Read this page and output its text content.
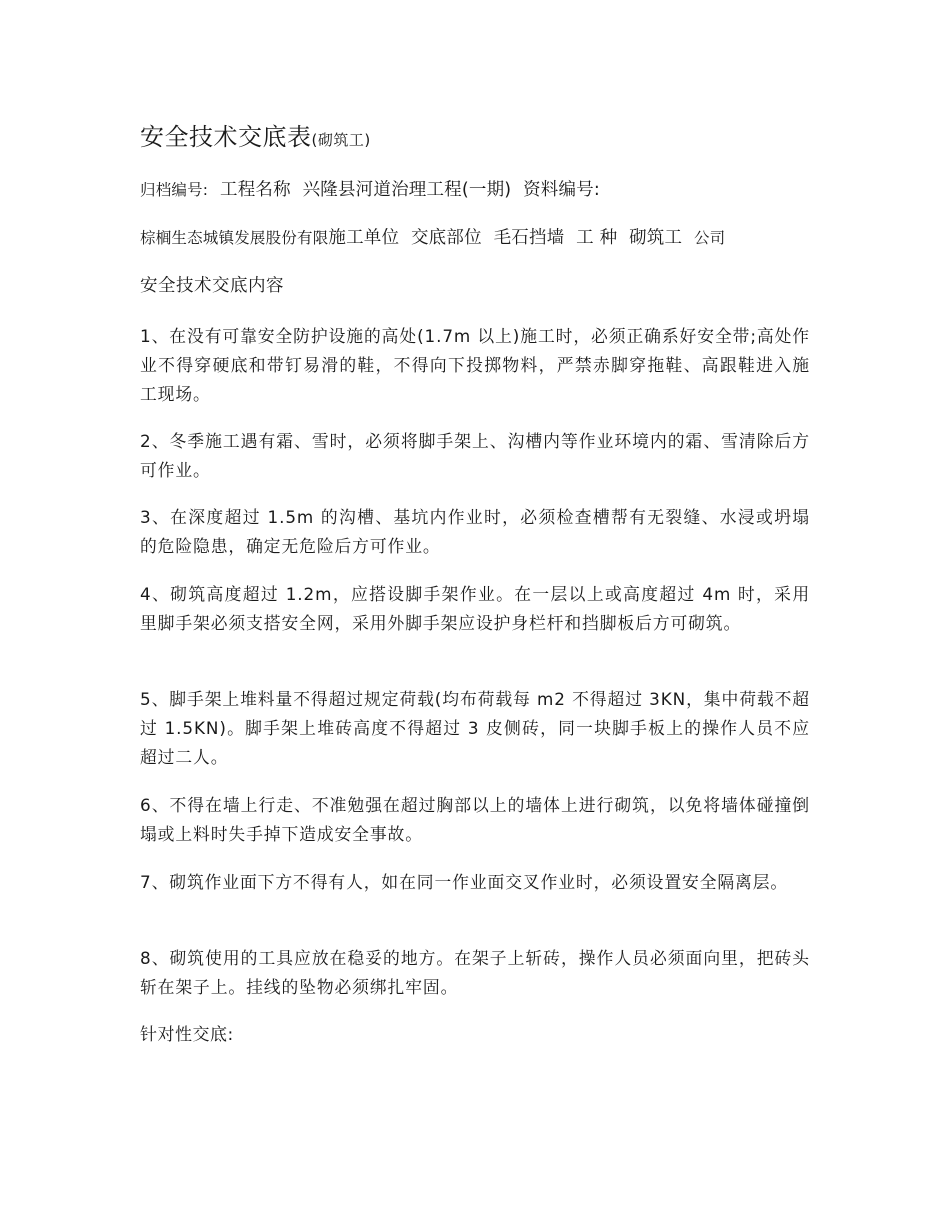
安全技术交底表(砌筑工)
归档编号: 工程名称 兴隆县河道治理工程(一期) 资料编号:
棕榈生态城镇发展股份有限施工单位 交底部位 毛石挡墙 工 种 砌筑工 公司
安全技术交底内容

1、在没有可靠安全防护设施的高处(1.7m 以上)施工时，必须正确系好安全带;高处作业不得穿硬底和带钉易滑的鞋，不得向下投掷物料，严禁赤脚穿拖鞋、高跟鞋进入施工现场。

2、冬季施工遇有霜、雪时，必须将脚手架上、沟槽内等作业环境内的霜、雪清除后方可作业。

3、在深度超过 1.5m 的沟槽、基坑内作业时，必须检查槽帮有无裂缝、水浸或坍塌的危险隐患，确定无危险后方可作业。

4、砌筑高度超过 1.2m，应搭设脚手架作业。在一层以上或高度超过 4m 时，采用里脚手架必须支搭安全网，采用外脚手架应设护身栏杆和挡脚板后方可砌筑。

5、脚手架上堆料量不得超过规定荷载(均布荷载每 m2 不得超过 3KN，集中荷载不超过 1.5KN)。脚手架上堆砖高度不得超过 3 皮侧砖，同一块脚手板上的操作人员不应超过二人。

6、不得在墙上行走、不准勉强在超过胸部以上的墙体上进行砌筑，以免将墙体碰撞倒塌或上料时失手掉下造成安全事故。

7、砌筑作业面下方不得有人，如在同一作业面交叉作业时，必须设置安全隔离层。

8、砌筑使用的工具应放在稳妥的地方。在架子上斩砖，操作人员必须面向里，把砖头斩在架子上。挂线的坠物必须绑扎牢固。

针对性交底:
